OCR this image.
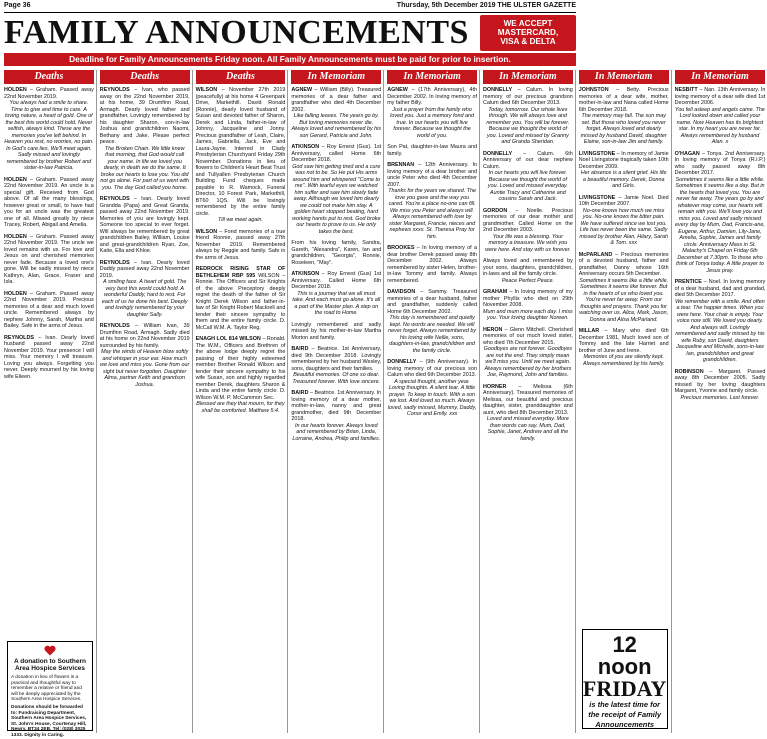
Page 36	Thursday, 5th December 2019 THE ULSTER GAZETTE
FAMILY ANNOUNCEMENTS	WE ACCEPT
MASTERCARD,
VISA & DELTA
Deadline for Family Announcements Friday noon. All Family Announcements must be paid for prior to insertion.
Deaths
HOLDEN – Graham. Passed away 22nd November 2019.
You always had a smile to share. Time to give and time to care. A loving nature, a heart of gold. One of the best this world could hold. Never selfish, always kind. These are the memories you've left behind. In Heaven you rest, no worries, no pain. In God's care lies. We'll meet again. Sadly missed and lovingly remembered by brother Robert and sister-in-law Patricia.
HOLDEN – Graham. Passed away 22nd November 2019. An uncle is a special gift. Received from God above. Of all the many blessings, however great or small, to have had you for an uncle was the greatest one of all. Missed greatly by niece Tracey, Robert, Abigail and Amelia.
HOLDEN – Graham. Passed away 22nd November 2019. The uncle we loved remains with us. For love and Jesus on and cherished memories never fade. Because a loved one's gone. Will be sadly missed by niece Kathryn, Alan, Grace, Fraser and Isla.
HOLDEN – Graham. Passed away 22nd November 2019. Precious memories of a dear and much loved uncle. Remembered always by nephew Johnny, Sarah, Martha and Bailey. Safe in the arms of Jesus.
REYNOLDS – Ivan. Dearly loved husband passed away 22nd November 2019. Your presence I will miss. Your memory I will treasure. Loving you always. Forgetting you never. Deeply mourned by his loving wife Eileen.
A donation to Southern Area Hospice Services
A donation in lieu of flowers is a practical and thoughtful way to remember a relative or friend and will be deeply appreciated by the Southern Area Hospice Services.
Donations should be forwarded to: Fundraising Department, Southern Area Hospice Services, St. John's House, Courtenay Hill, Newry, BT34 2EB. Tel: (028) 3025 1333. Dignity in Caring.
Deaths
REYNOLDS – Ivan, who passed away on the 22nd November 2019, at his home, 39 Drumfinn Road, Armagh. Dearly loved father and grandfather. Lovingly remembered by his daughter Sharon, son-in-law Joshua and grandchildren Naomi, Bethany and Jake. Please perfect peace.
The Broken Chain. We little knew that morning, that God would call your name. In life we loved you dearly, in death we do the same. It broke our hearts to lose you. You did not go alone. For part of us went with you. The day God called you home.
REYNOLDS – Ivan. Dearly loved Grandda (Papa) and Great Granda, passed away 22nd November 2019. Memories of you are lovingly kept. Someone too special to ever forget. Will always be remembered by great grandchildren Bailey, William, Louise and great-grandchildren Ryan, Zoe, Katie, Ella and Khloe.
REYNOLDS – Ivan. Dearly loved Daddy passed away 22nd November 2019.
A smiling face. A heart of gold. The very best this world could hold. A wonderful Daddy, hard to rest. For each of us he done his best. Deeply and lovingly remembered by your daughter Sally.
REYNOLDS – William Ivan, 39 Drumfinn Road, Armagh. Sadly died at his home on 22nd November 2019 surrounded by his family.
May the winds of Heaven blow softly and whisper in your ear. How much we love and miss you. Gone from our sight but never forgotten. Daughter Alma, partner Keith and grandson Joshua.
Deaths
WILSON – November 27th 2019 (peacefully) at his home 4 Greenpark Drive, Markethill. David Ronald (Ronnie), dearly loved husband of Susan and devoted father of Sharon, Derek and Linda, father-in-law of Johnny, Jacqueline and Jonny. Precious grandfather of Leah, Claire, James, Gabriella, Jack, Eve and Laura-Jayne. Interred in Clady Presbyterian Churchyard Friday 29th November. Donations in lieu of flowers to Children's Heart Beat Trust and Tullyallen Presbyterian Church Building Fund cheques made payable to R. Wamock, Funeral Director, 10 Forest Park, Markethill, BT60 1QS. Will be lovingly remembered by the entire family circle.
Till we meet again.
WILSON – Fond memories of a true friend Ronnie, passed away 27th November 2019. Remembered always by Reggie and family. Safe in the arms of Jesus.
REDROCK RISING STAR OF BETHLEHEM RBP 595 WILSON – Ronnie. The Officers and Sir Knights of the above Preceptory deeply regret the death of the father of Sir Knight Derek Wilson and father-in-law of Sir Knight Robert Mackrell and tender their sincere sympathy to them and the entire family circle. D. McCall W.M. A. Taylor Reg.
ENAGH LOL 814 WILSON – Ronald. The W.M., Officers and Brethren of the above lodge deeply regret the passing of their highly esteemed member Brother Ronald Wilson and tender their sincere sympathy to his wife Susan, son and highly regarded member Derek, daughters Sharon & Linda and the entire family circle. D. Wilson W.M. P. McCammon Sec.
Blessed are they that mourn, for they shall be comforted. Matthew 5:4.
In Memoriam
AGNEW – William (Billy). Treasured memories of a dear father and grandfather who died 4th December 2002.
Like falling leaves. The years go by. But loving memories never die. Always loved and remembered by his son Gerard, Patricia and John.
ATKINSON – Roy Ernest (Gus). 1st Anniversary, called Home 6th December 2018.
God saw him getting tired and a cure was not to be. So He put His arms around him and whispered "Come to me". With tearful eyes we watched him suffer and saw him slowly fade away. Although we loved him dearly we could not make him stay. A golden heart stopped beating, hard working hands put to rest. God broke our hearts to prove to us. He only takes the best.
From his loving family, Sandra, Gareth, "Alexandra", Karen, Ian and grandchildren, "Georgia", Ronnie, Roseleen, "May".
ATKINSON – Roy Ernest (Gus) 1st Anniversary. Called Home 6th December 2018.
This is a journey that we all must take. And each must go alone. It's all a part of the Master plan. A step on the road to Home.
Lovingly remembered and sadly missed by his mother-in-law Martha Morton and family.
BAIRD – Beatrice. 1st Anniversary, died 9th December 2018. Lovingly remembered by her husband Wesley, sons, daughters and their families.
Beautiful memories. Of one so dear. Treasured forever. With love sincere.
BAIRD – Beatrice. 1st Anniversary. In loving memory of a dear mother, mother-in-law, nanny and great grandmother, died 9th December 2018.
In our hearts forever. Always loved and remembered by Brian, Linda, Lorraine, Andrea, Philip and families.
In Memoriam
AGNEW – (17th Anniversary), 4th December 2002. In loving memory of my father Billy.
Just a prayer from the family who loved you. Just a memory fond and true. In our hearts you will live forever. Because we thought the world of you.
Son Pat, daughter-in-law Maura and family.
BRENNAN – 12th Anniversary. In loving memory of a dear brother and uncle Peter who died 4th December 2007.
Thanks for the years we shared. The love you gave and the way you cared. You're a place no-one can fill. We miss you Peter and always will. Always remembered with love by sister Margaret, Francie, nieces and nephews xxxx. St. Theresa Pray for him.
BROOKES – In loving memory of a dear brother Derek passed away 8th December 2002. Always remembered by sister Helen, brother-in-law Tommy and family. Always remembered.
DAVIDSON – Sammy. Treasured memories of a dear husband, father and grandfather, suddenly called Home 6th December 2002.
This day is remembered and quietly kept. No words are needed. We will never forget. Always remembered by his loving wife Nellie, sons, daughters-in-law, grandchildren and the family circle.
DONNELLY – (9th Anniversary). In loving memory of our precious son Calum who died 6th December 2013.
A special thought, another year. Loving thoughts. A silent tear. A little prayer. To keep in touch. With a son we lost. And loved so much. Always loved, sadly missed, Mummy, Daddy, Conor and Emily. xxx
In Memoriam
DONNELLY – Calum. In loving memory of our precious grandson Calum died 6th December 2013.
Today, tomorrow. Our whole lives through. We will always love and remember you. You will be forever. Because we thought the world of you. Loved and missed by Granny and Granda Sheridan.
DONNELLY – Calum. 6th Anniversary of our dear nephew Calum.
In our hearts you will live forever. Because we thought the world of you. Loved and missed everyday. Auntie Tracy and Catherine and cousins Sarah and Jack.
GORDON – Noelle. Precious memories of our dear mother and grandmother. Called Home on the 2nd December 2003.
Your life was a blessing. Your memory a treasure. We wish you were here. And stay with us forever.
Always loved and remembered by your sons, daughters, grandchildren, in-laws and all the family circle.
Peace Perfect Peace.
GRAHAM – In loving memory of my mother Phyllis who died on 29th November 2008.
Mum and mum more each day. I miss you. Your loving daughter Noreen.
HERON – Glenn Mitchell. Cherished memories of our much loved sister, who died 7th December 2015.
Goodbyes are not forever. Goodbyes are not the end. They simply mean we'll miss you. Until we meet again. Always remembered by her brothers Joe, Raymond, John and families.
HORNER – Melissa (6th Anniversary). Treasured memories of Melissa, our beautiful and precious daughter, sister, granddaughter and aunt, who died 8th December 2013.
Loved and missed everyday. More than words can say. Mum, Dad, Sophie, Janet, Andrew and all the family.
In Memoriam
JOHNSTON – Betty. Precious memories of a dear wife, mother, mother-in-law and Nana called Home 6th December 2018.
The memory may fall. The sun may set. But those who loved you never forget. Always loved and dearly missed by husband David, daughter Elaine, son-in-law Jim and family.
LIVINGSTONE – In memory of Jamie Noel Livingstone tragically taken 10th December 2009.
Her absence is a silent grief. His life a beautiful memory. Derek, Donna and Girls.
LIVINGSTONE – Jamie Noel. Died 10th December 2007.
No-one knows how much we miss you. No-one knows the bitter pain. We have suffered since we lost you. Life has never been the same. Sadly missed by brother Alan, Hilary, Sarah & Tom. xxx
McPARLAND – Precious memories of a devoted husband, father and grandfather, Danny whose 16th Anniversary occurs 5th December.
Sometimes it seems like a little while. Sometimes it seems like forever. But in the hearts of us who loved you. You're never far away. From our thoughts and prayers. Thank you for watching over us. Alice, Mark, Jason, Donna and Alisa McParland.
MILLAR – Mary who died 6th December 1981, Much loved son of Tommy and the late Harriet and brother of June and Irene.
Memories of you are silently kept. Always remembered by his family.
12 noon
FRIDAY
is the latest time for the receipt of Family Announcements
In Memoriam
NESBITT – Nan. 13th Anniversary. In loving memory of a dear wife died 1st December 2006.
You fell asleep and angels came. The Lord looked down and called your name. Now Heaven has its brightest star. In my heart you are never far. Always remembered by husband Alan. x
O'HAGAN – Tonya. 2nd Anniversary. In loving memory of Tonya (R.I.P.) who sadly passed away 8th December 2017.
Sometimes it seems like a little while. Sometimes it seems like a day. But in the hearts that loved you. You are never far away. The years go by and whatever may come, our hearts will remain with you. We'll love you and miss you. Loved and sadly missed every day by Mum, Dad, Francis-ane, Eugene, Arthur, Damien, Lily-Jane, Amelia, Sophie, James and family circle. Anniversary Mass in St. Malachy's Chapel on Friday 6th December at 7.30pm. To those who think of Tonya today. A little prayer to Jesus pray.
PRENTICE – Noel. In loving memory of a dear husband, dad and grandad, died 5th December 2017.
We remember with a smile. And often a tear. The happier times. When you were here. Your chair is empty. Your voice now still. We loved you dearly. And always will. Lovingly remembered and sadly missed by his wife Ruby, son David, daughters Jacqueline and Michelle, sons-in-law Ian, grandchildren and great grandchildren.
ROBINSON – Margaret. Passed away 8th December 2005. Sadly missed by her loving daughters Margaret, Yvonne and family circle.
Precious memories. Last forever.
